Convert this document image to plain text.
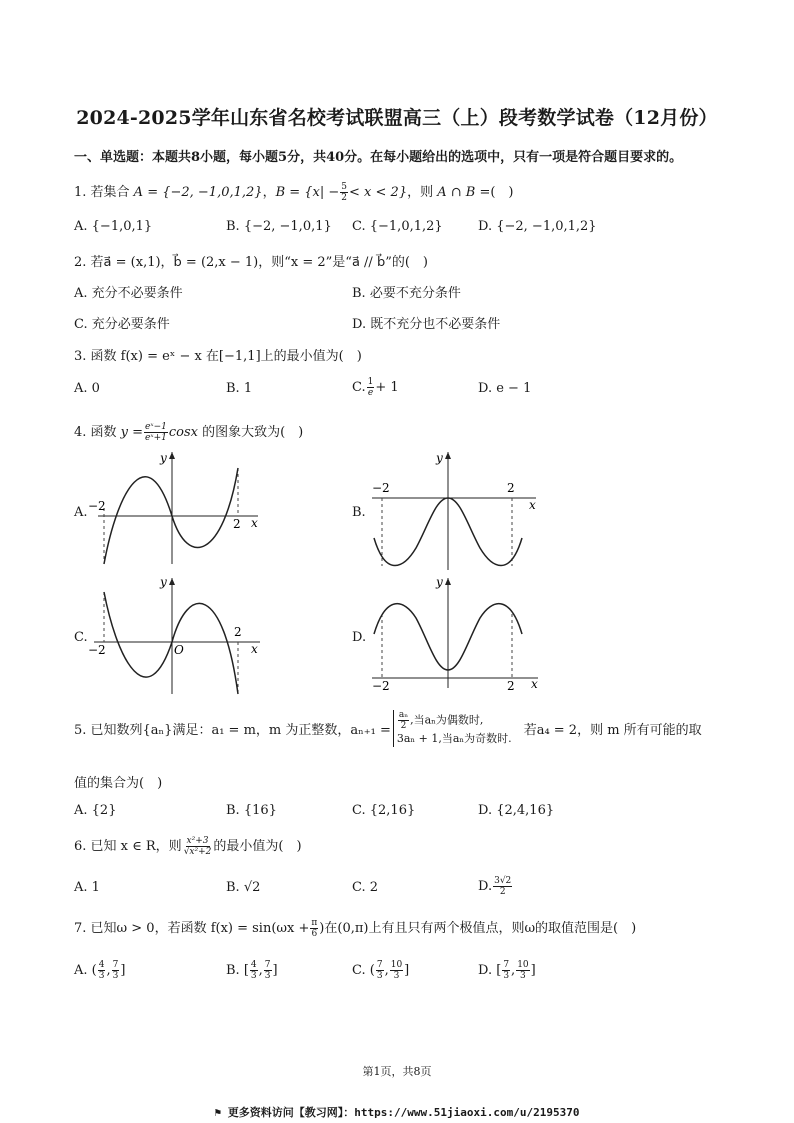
2024-2025学年山东省名校考试联盟高三（上）段考数学试卷（12月份）
一、单选题：本题共8小题，每小题5分，共40分。在每小题给出的选项中，只有一项是符合题目要求的。
1. 若集合 A = {−2, −1,0,1,2}，$B = \{x| - \frac{5}{2} < x < 2\}$，则 A ∩ B =(　)
A. {−1,0,1}	B. {−2, −1,0,1} C. {−1,0,1,2}	D. {−2, −1,0,1,2}
2. 若a⃗ = (x,1)，b⃗ = (2,x − 1)，则“x = 2”是“a⃗ // b⃗”的(　)
A. 充分不必要条件	B. 必要不充分条件
C. 充分必要条件	D. 既不充分也不必要条件
3. 函数 f(x) = eˣ − x 在[−1,1]上的最小值为(　)
A. 0	B. 1	C. $\frac{1}{e} + 1$	D. e − 1
4. 函数 $y = \frac{\text{eˣ−1}}{\text{eˣ+1}}$ cosx 的图象大致为(　)
A.	B.
C.	D.
y
x
−2
2
y
x
−2	2
y
x
−2
2
O
y
x
−2	2
5. 已知数列{aₙ}满足：a₁ = m，m 为正整数，$a_{n+1} = \frac{\text{aₙ}}{2}$ ,当aₙ为偶数时,
3aₙ + 1,当aₙ为奇数时.
若a₄ = 2，则 m 所有可能的取
值的集合为(　)
A. {2}	B. {16}	C. {2,16}	D. {2,4,16}
6. 已知 x ∈ R，则 $\frac{\text{x²+3}}{\text{√x²+2}}$ 的最小值为(　)
A. 1	B. √2	C. 2	D. $\frac{3√2}{2}$
7. 已知ω > 0，若函数 $f(x) = \sin(\omega x + \frac{\pi}{6}$ )在(0,π)上有且只有两个极值点，则ω的取值范围是(　)
A. ( $\frac{4}{3}$ , $\frac{7}{3}$ ]	B. [ $\frac{4}{3}$ , $\frac{7}{3}$ ]	C. ( $\frac{7}{3}$ , $\frac{10}{3}$ ]	D. [ $\frac{7}{3}$ , $\frac{10}{3}$ ]
第1页，共8页
⚑ 更多资料访问【教习网】：https://www.51jiaoxi.com/u/2195370
